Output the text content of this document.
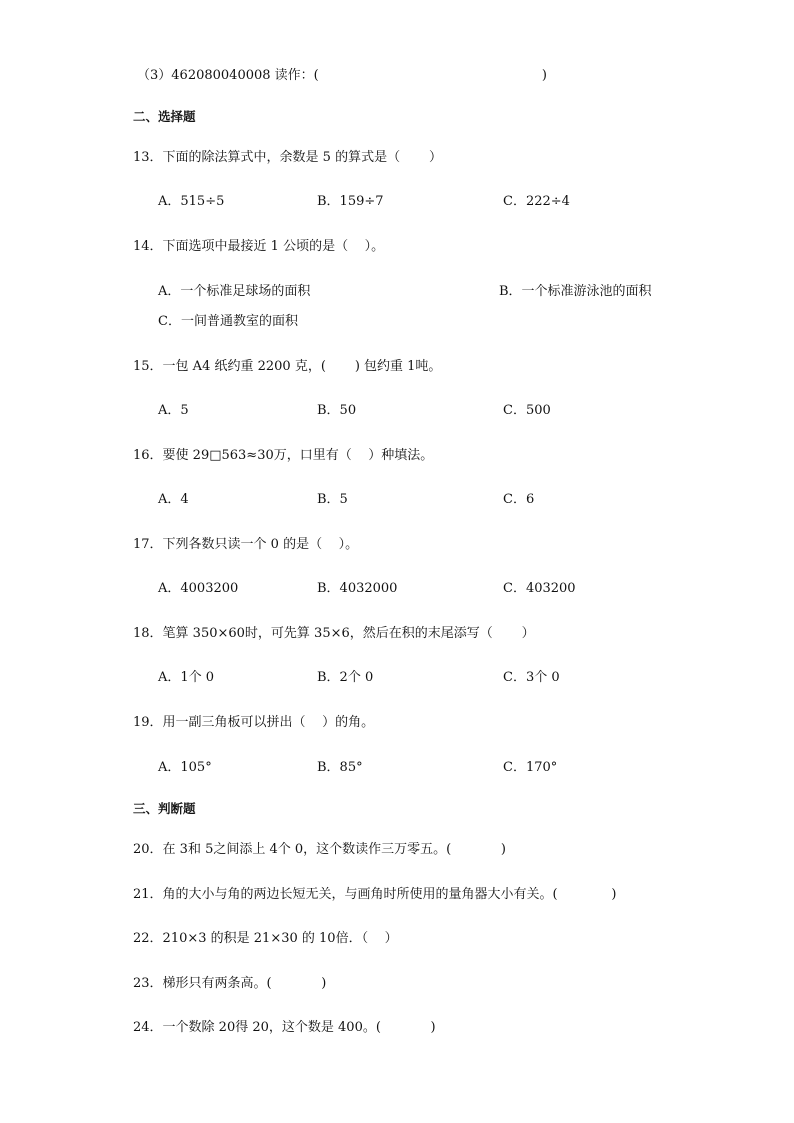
（3）462080040008 读作：(                                                      )
二、选择题
13．下面的除法算式中，余数是 5 的算式是（       ）
A．515÷5	B．159÷7	C．222÷4
14．下面选项中最接近 1 公顷的是（    ）。
A．一个标准足球场的面积	B．一个标准游泳池的面积
C．一间普通教室的面积
15．一包 A4 纸约重 2200 克，(       ) 包约重 1吨。
A．5	B．50	C．500
16．要使 29□563≈30万，口里有（    ）种填法。
A．4	B．5	C．6
17．下列各数只读一个 0 的是（    ）。
A．4003200	B．4032000	C．403200
18．笔算 350×60时，可先算 35×6，然后在积的末尾添写（       ）
A．1个 0	B．2个 0	C．3个 0
19．用一副三角板可以拼出（    ）的角。
A．105°	B．85°	C．170°
三、判断题
20．在 3和 5之间添上 4个 0，这个数读作三万零五。(            )
21．角的大小与角的两边长短无关，与画角时所使用的量角器大小有关。(             )
22．210×3 的积是 21×30 的 10倍．（    ）
23．梯形只有两条高。(            )
24．一个数除 20得 20，这个数是 400。(            )
